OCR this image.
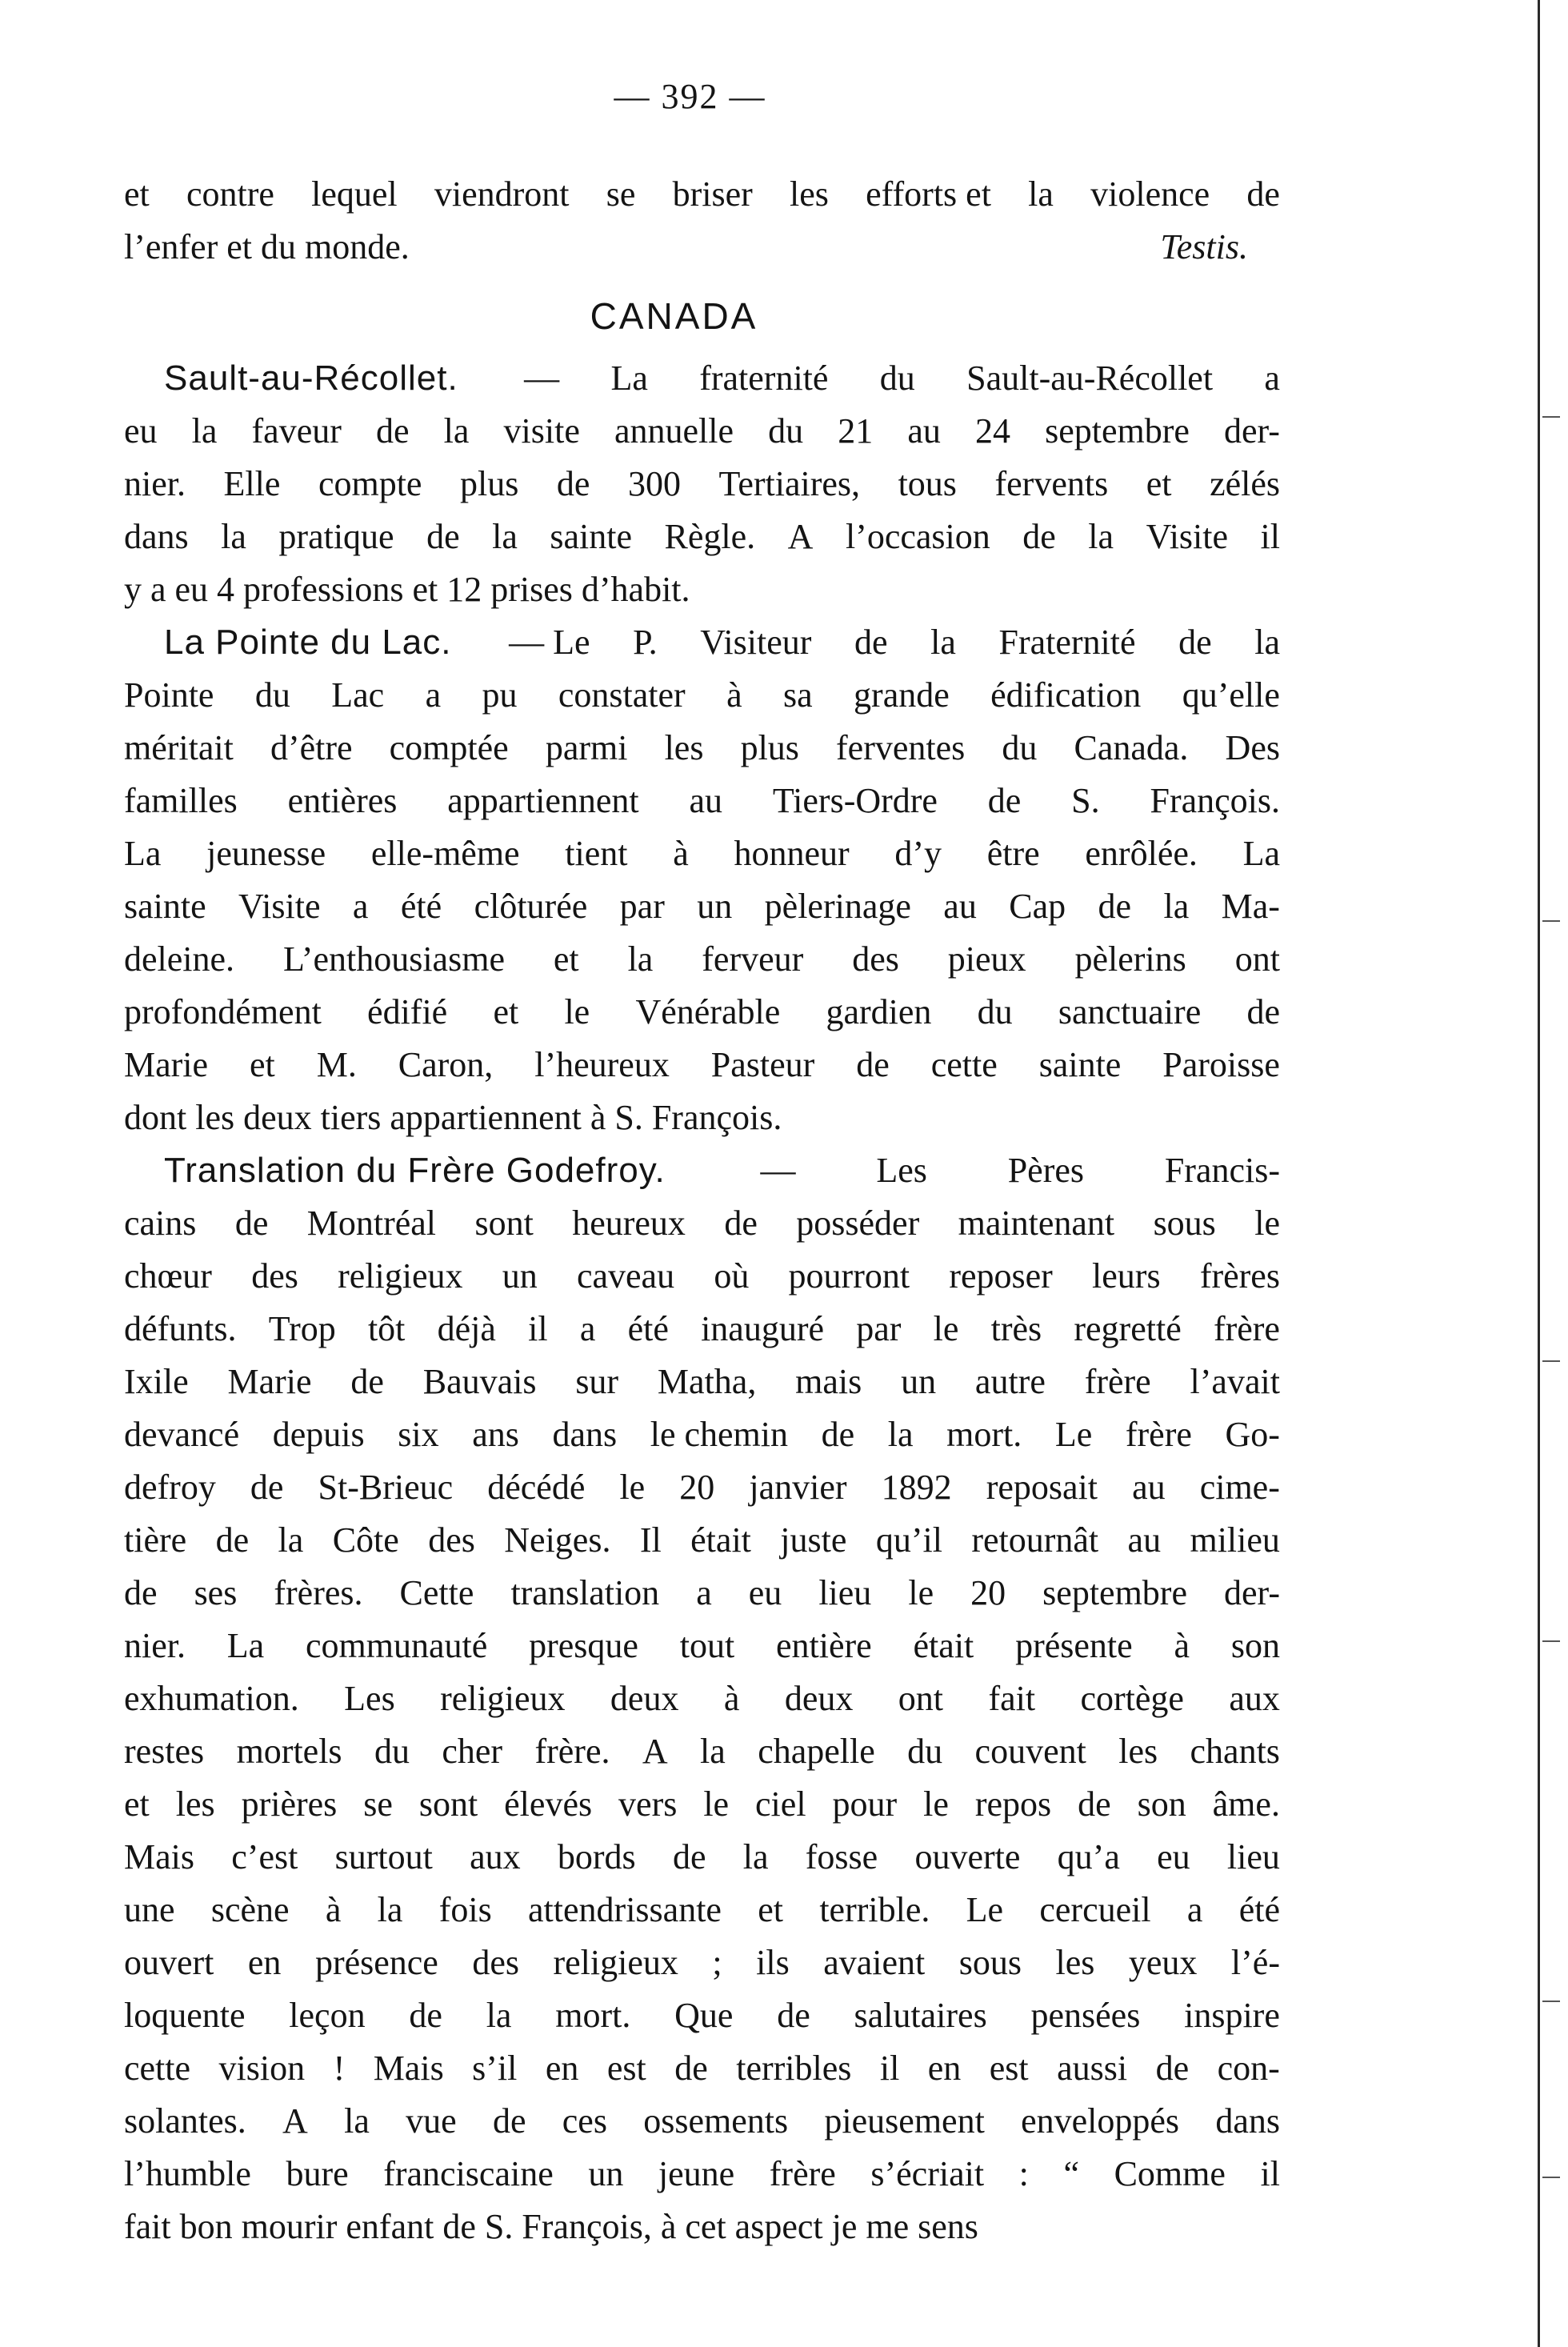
— 392 —
et contre lequel viendront se briser les efforts et la violence de
l’enfer et du monde.	Testis.
CANADA
Sault-au-Récollet. — La fraternité du Sault-au-Récollet a
eu la faveur de la visite annuelle du 21 au 24 septembre der-
nier. Elle compte plus de 300 Tertiaires, tous fervents et zélés
dans la pratique de la sainte Règle. A l’occasion de la Visite il
y a eu 4 professions et 12 prises d’habit.
La Pointe du Lac. — Le P. Visiteur de la Fraternité de la
Pointe du Lac a pu constater à sa grande édification qu’elle
méritait d’être comptée parmi les plus ferventes du Canada. Des
familles entières appartiennent au Tiers-Ordre de S. François.
La jeunesse elle-même tient à honneur d’y être enrôlée. La
sainte Visite a été clôturée par un pèlerinage au Cap de la Ma-
deleine. L’enthousiasme et la ferveur des pieux pèlerins ont
profondément édifié et le Vénérable gardien du sanctuaire de
Marie et M. Caron, l’heureux Pasteur de cette sainte Paroisse
dont les deux tiers appartiennent à S. François.
Translation du Frère Godefroy.	— Les Pères Francis-
cains de Montréal sont heureux de posséder maintenant sous le
chœur des religieux un caveau où pourront reposer leurs frères
défunts. Trop tôt déjà il a été inauguré par le très regretté frère
Ixile Marie de Bauvais sur Matha, mais un autre frère l’avait
devancé depuis six ans dans le chemin de la mort. Le frère Go-
defroy de St-Brieuc décédé le 20 janvier 1892 reposait au cime-
tière de la Côte des Neiges. Il était juste qu’il retournât au milieu
de ses frères. Cette translation a eu lieu le 20 septembre der-
nier. La communauté presque tout entière était présente à son
exhumation. Les religieux deux à deux ont fait cortège aux
restes mortels du cher frère. A la chapelle du couvent les chants
et les prières se sont élevés vers le ciel pour le repos de son âme.
Mais c’est surtout aux bords de la fosse ouverte qu’a eu lieu
une scène à la fois attendrissante et terrible. Le cercueil a été
ouvert en présence des religieux ; ils avaient sous les yeux l’é-
loquente leçon de la mort. Que de salutaires pensées inspire
cette vision ! Mais s’il en est de terribles il en est aussi de con-
solantes. A la vue de ces ossements pieusement enveloppés dans
l’humble bure franciscaine un jeune frère s’écriait : “ Comme il
fait bon mourir enfant de S. François, à cet aspect je me sens
